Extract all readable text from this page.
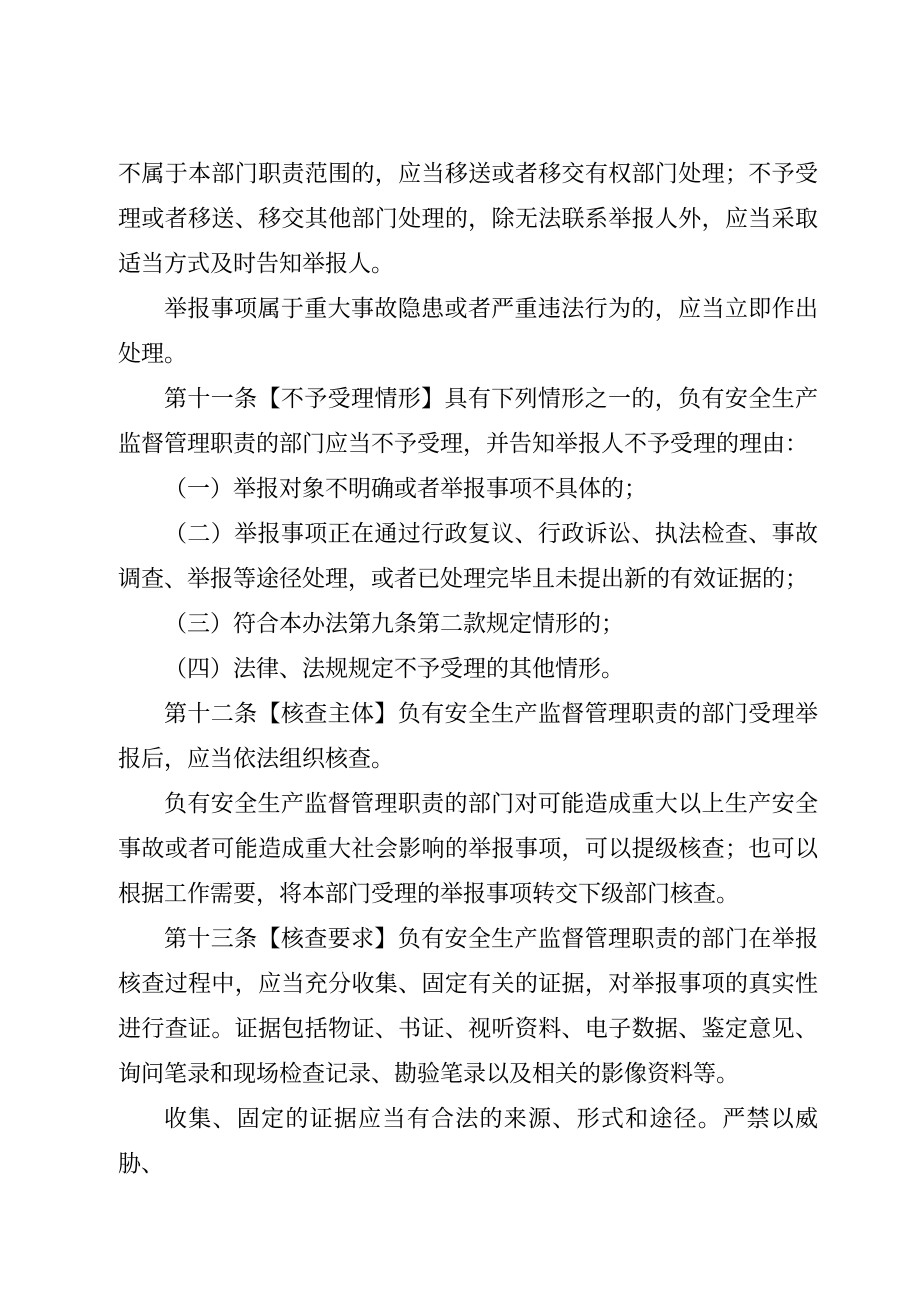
不属于本部门职责范围的，应当移送或者移交有权部门处理；不予受理或者移送、移交其他部门处理的，除无法联系举报人外，应当采取适当方式及时告知举报人。

举报事项属于重大事故隐患或者严重违法行为的，应当立即作出处理。

第十一条【不予受理情形】具有下列情形之一的，负有安全生产监督管理职责的部门应当不予受理，并告知举报人不予受理的理由：

（一）举报对象不明确或者举报事项不具体的；

（二）举报事项正在通过行政复议、行政诉讼、执法检查、事故调查、举报等途径处理，或者已处理完毕且未提出新的有效证据的；

（三）符合本办法第九条第二款规定情形的；

（四）法律、法规规定不予受理的其他情形。

第十二条【核查主体】负有安全生产监督管理职责的部门受理举报后，应当依法组织核查。

负有安全生产监督管理职责的部门对可能造成重大以上生产安全事故或者可能造成重大社会影响的举报事项，可以提级核查；也可以根据工作需要，将本部门受理的举报事项转交下级部门核查。

第十三条【核查要求】负有安全生产监督管理职责的部门在举报核查过程中，应当充分收集、固定有关的证据，对举报事项的真实性进行查证。证据包括物证、书证、视听资料、电子数据、鉴定意见、询问笔录和现场检查记录、勘验笔录以及相关的影像资料等。

收集、固定的证据应当有合法的来源、形式和途径。严禁以威胁、
